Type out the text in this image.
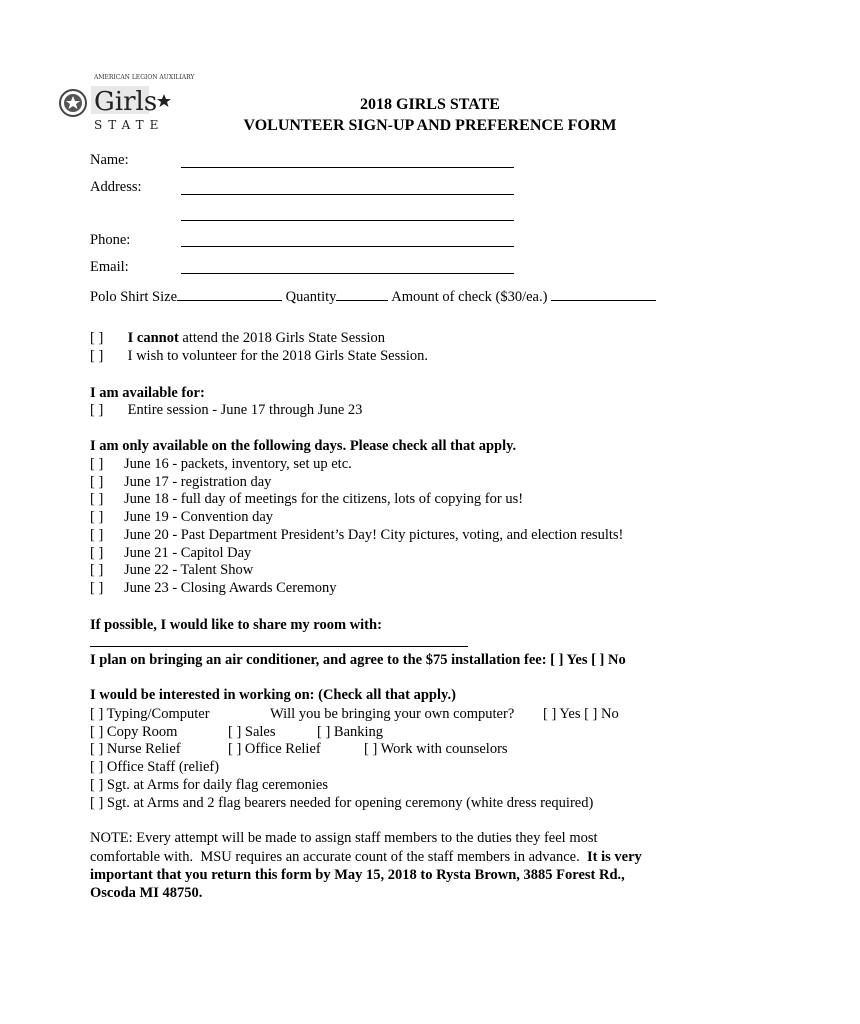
AMERICAN LEGION AUXILIARY
Girls
STATE
2018 GIRLS STATE
VOLUNTEER SIGN-UP AND PREFERENCE FORM
Name:
Address:
Phone:
Email:
Polo Shirt Size	Quantity	Amount of check ($30/ea.)
[ ] I cannot attend the 2018 Girls State Session
[ ] I wish to volunteer for the 2018 Girls State Session.
I am available for:
[ ] Entire session - June 17 through June 23
I am only available on the following days. Please check all that apply.
[ ] June 16 - packets, inventory, set up etc.
[ ] June 17 - registration day
[ ] June 18 - full day of meetings for the citizens, lots of copying for us!
[ ] June 19 - Convention day
[ ] June 20 - Past Department President’s Day! City pictures, voting, and election results!
[ ] June 21 - Capitol Day
[ ] June 22 - Talent Show
[ ] June 23 - Closing Awards Ceremony
If possible, I would like to share my room with:
I plan on bringing an air conditioner, and agree to the $75 installation fee: [ ] Yes [ ] No
I would be interested in working on: (Check all that apply.)
[ ] Typing/Computer	Will you be bringing your own computer? [ ] Yes [ ] No
[ ] Copy Room	[ ] Sales	[ ] Banking
[ ] Nurse Relief	[ ] Office Relief	[ ] Work with counselors
[ ] Office Staff (relief)
[ ] Sgt. at Arms for daily flag ceremonies
[ ] Sgt. at Arms and 2 flag bearers needed for opening ceremony (white dress required)
NOTE: Every attempt will be made to assign staff members to the duties they feel most
comfortable with.  MSU requires an accurate count of the staff members in advance.  It is very
important that you return this form by May 15, 2018 to Rysta Brown, 3885 Forest Rd.,
Oscoda MI 48750.
